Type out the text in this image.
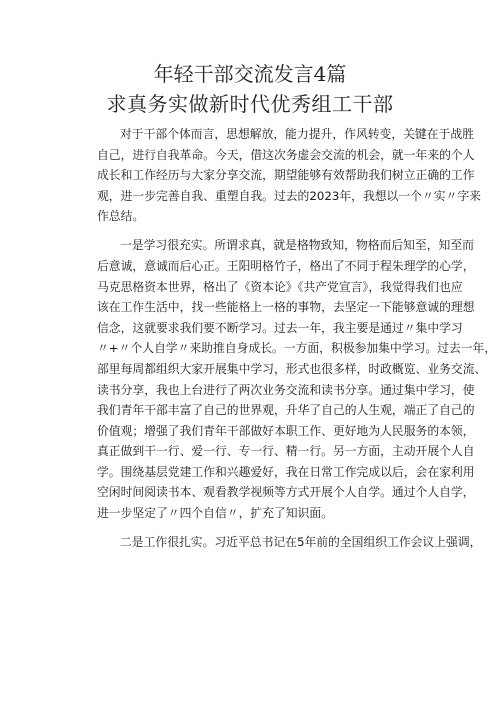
年轻干部交流发言4篇
求真务实做新时代优秀组工干部
对于干部个体而言，思想解放，能力提升，作风转变，关键在于战胜
自己，进行自我革命。今天，借这次务虚会交流的机会，就一年来的个人
成长和工作经历与大家分享交流，期望能够有效帮助我们树立正确的工作
观，进一步完善自我、重塑自我。过去的2023年，我想以一个〃实〃字来
作总结。
一是学习很充实。所谓求真，就是格物致知，物格而后知至，知至而
后意诚，意诚而后心正。王阳明格竹子，格出了不同于程朱理学的心学，
马克思格资本世界，格出了《资本论》《共产党宣言》，我觉得我们也应
该在工作生活中，找一些能格上一格的事物，去坚定一下能够意诚的理想
信念，这就要求我们要不断学习。过去一年，我主要是通过〃集中学习
〃+〃个人自学〃来助推自身成长。一方面，积极参加集中学习。过去一年，
部里每周都组织大家开展集中学习，形式也很多样，时政概览、业务交流、
读书分享，我也上台进行了两次业务交流和读书分享。通过集中学习，使
我们青年干部丰富了自己的世界观，升华了自己的人生观，端正了自己的
价值观；增强了我们青年干部做好本职工作、更好地为人民服务的本领，
真正做到干一行、爱一行、专一行、精一行。另一方面，主动开展个人自
学。围绕基层党建工作和兴趣爱好，我在日常工作完成以后，会在家利用
空闲时间阅读书本、观看教学视频等方式开展个人自学。通过个人自学，
进一步坚定了〃四个自信〃，扩充了知识面。
二是工作很扎实。习近平总书记在5年前的全国组织工作会议上强调，
